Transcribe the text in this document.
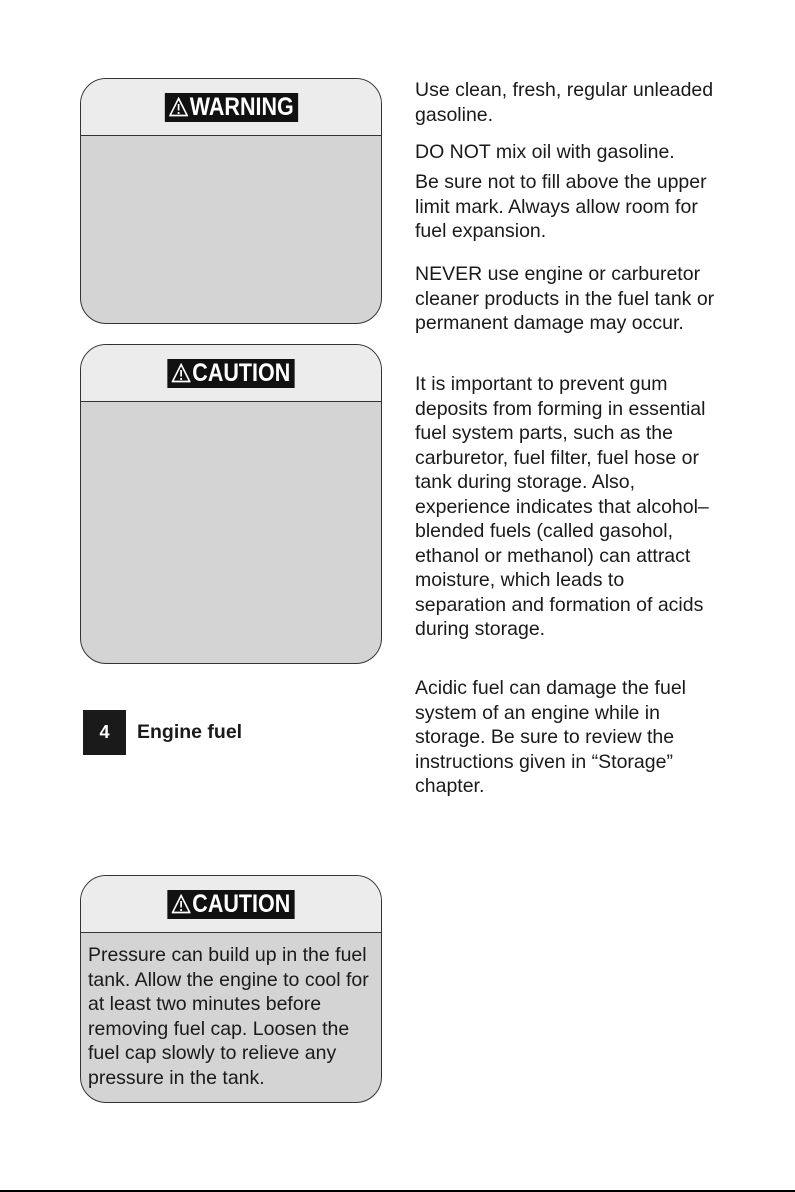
WARNING
CAUTION
4	Engine fuel
CAUTION
Pressure can build up in the fuel tank. Allow the engine to cool for at least two minutes before removing fuel cap. Loosen the fuel cap slowly to relieve any pressure in the tank.

Use clean, fresh, regular unleaded gasoline.

DO NOT mix oil with gasoline.

Be sure not to fill above the upper limit mark. Always allow room for fuel expansion.

NEVER use engine or carburetor cleaner products in the fuel tank or permanent damage may occur.

It is important to prevent gum deposits from forming in essential fuel system parts, such as the carburetor, fuel filter, fuel hose or tank during storage. Also, experience indicates that alcohol–blended fuels (called gasohol, ethanol or methanol) can attract moisture, which leads to separation and formation of acids during storage.

Acidic fuel can damage the fuel system of an engine while in storage. Be sure to review the instructions given in “Storage” chapter.
